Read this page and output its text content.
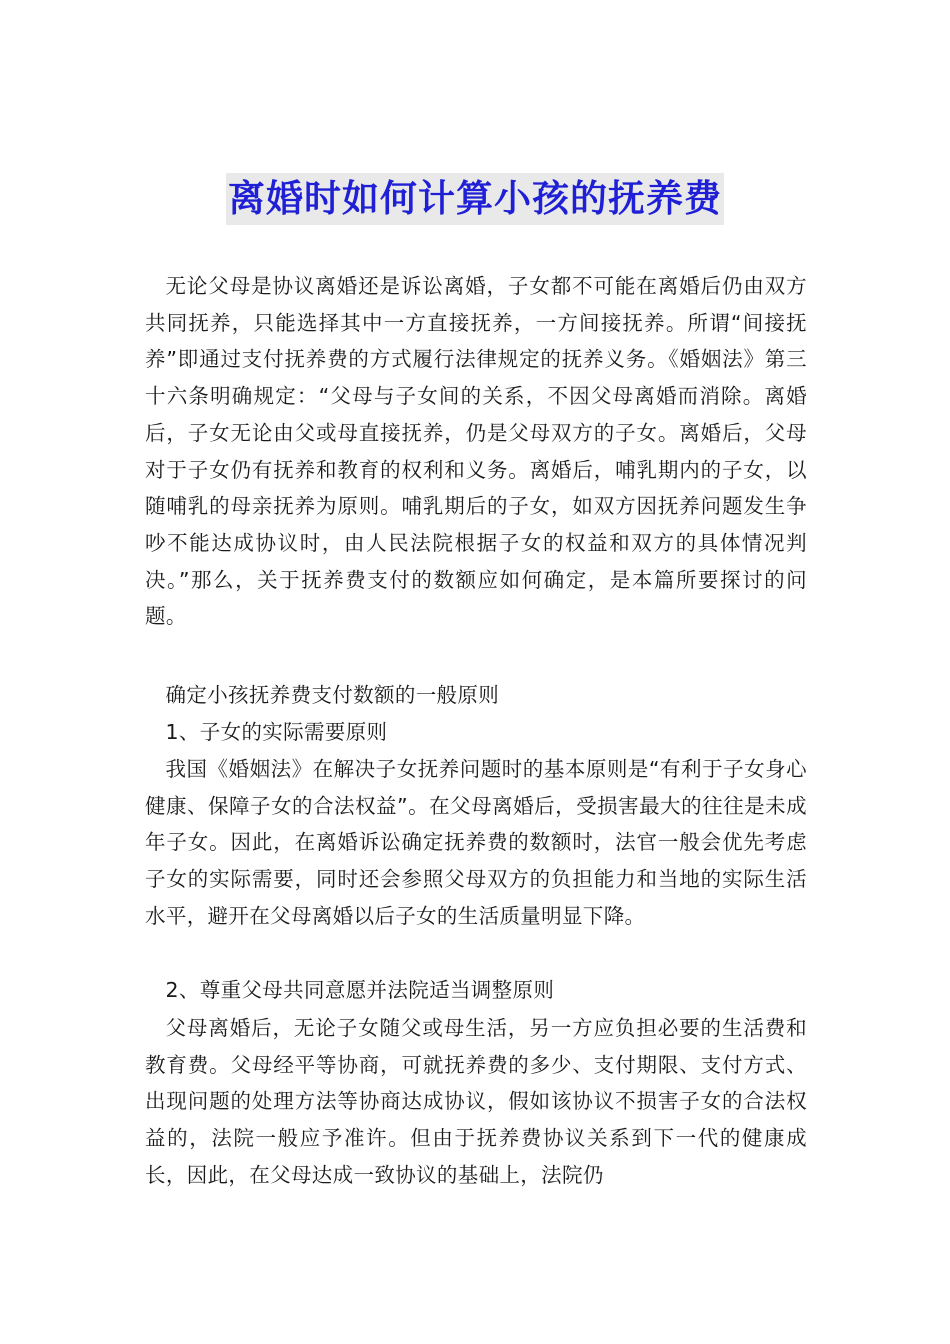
离婚时如何计算小孩的抚养费

无论父母是协议离婚还是诉讼离婚，子女都不可能在离婚后仍由双方共同抚养，只能选择其中一方直接抚养，一方间接抚养。所谓“间接抚养”即通过支付抚养费的方式履行法律规定的抚养义务。《婚姻法》第三十六条明确规定：“父母与子女间的关系，不因父母离婚而消除。离婚后，子女无论由父或母直接抚养，仍是父母双方的子女。离婚后，父母对于子女仍有抚养和教育的权利和义务。离婚后，哺乳期内的子女，以随哺乳的母亲抚养为原则。哺乳期后的子女，如双方因抚养问题发生争吵不能达成协议时，由人民法院根据子女的权益和双方的具体情况判决。”那么，关于抚养费支付的数额应如何确定，是本篇所要探讨的问题。

确定小孩抚养费支付数额的一般原则

1、子女的实际需要原则

我国《婚姻法》在解决子女抚养问题时的基本原则是“有利于子女身心健康、保障子女的合法权益”。在父母离婚后，受损害最大的往往是未成年子女。因此，在离婚诉讼确定抚养费的数额时，法官一般会优先考虑子女的实际需要，同时还会参照父母双方的负担能力和当地的实际生活水平，避开在父母离婚以后子女的生活质量明显下降。

2、尊重父母共同意愿并法院适当调整原则

父母离婚后，无论子女随父或母生活，另一方应负担必要的生活费和教育费。父母经平等协商，可就抚养费的多少、支付期限、支付方式、出现问题的处理方法等协商达成协议，假如该协议不损害子女的合法权益的，法院一般应予准许。但由于抚养费协议关系到下一代的健康成长，因此，在父母达成一致协议的基础上，法院仍
